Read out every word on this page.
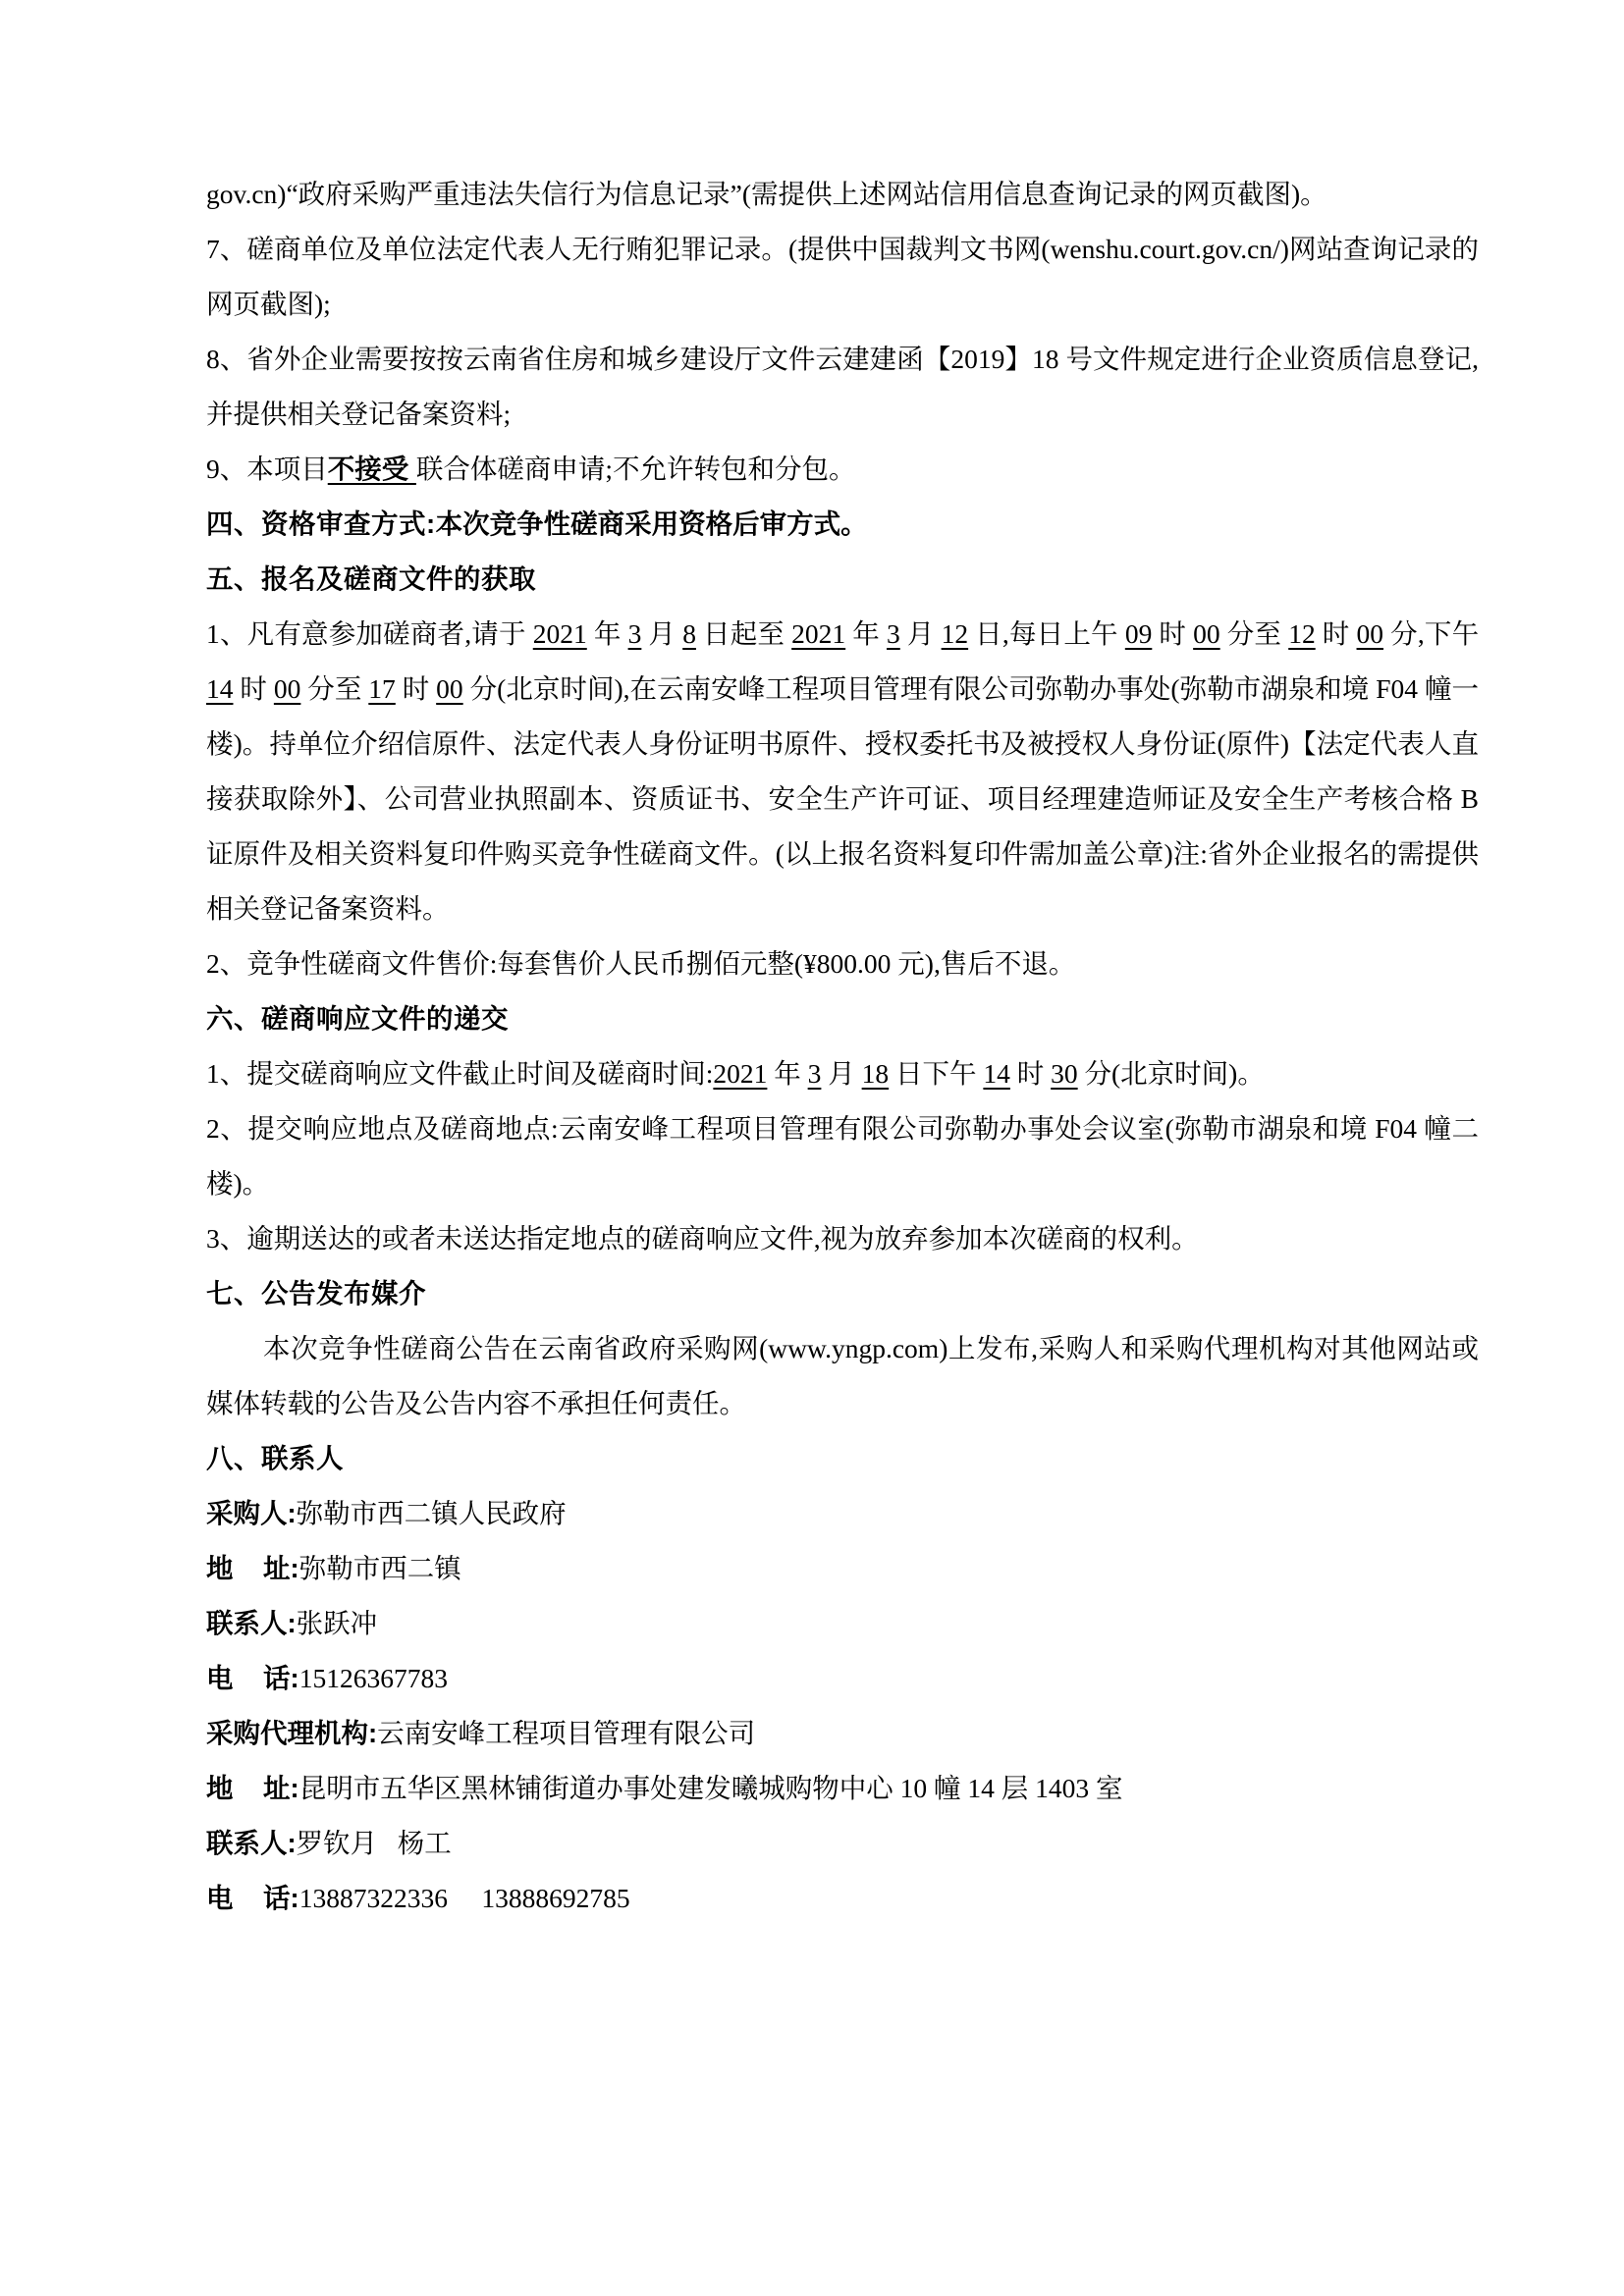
gov.cn)“政府采购严重违法失信行为信息记录”(需提供上述网站信用信息查询记录的网页截图)。

7、磋商单位及单位法定代表人无行贿犯罪记录。(提供中国裁判文书网(wenshu.court.gov.cn/)网站查询记录的网页截图);

8、省外企业需要按按云南省住房和城乡建设厅文件云建建函【2019】18 号文件规定进行企业资质信息登记,并提供相关登记备案资料;

9、本项目不接受 联合体磋商申请;不允许转包和分包。

四、资格审查方式:本次竞争性磋商采用资格后审方式。

五、报名及磋商文件的获取

1、凡有意参加磋商者,请于 2021 年 3 月 8 日起至 2021 年 3 月 12 日,每日上午 09 时 00 分至 12 时 00 分,下午 14 时 00 分至 17 时 00 分(北京时间),在云南安峰工程项目管理有限公司弥勒办事处(弥勒市湖泉和境 F04 幢一楼)。持单位介绍信原件、法定代表人身份证明书原件、授权委托书及被授权人身份证(原件)【法定代表人直接获取除外】、公司营业执照副本、资质证书、安全生产许可证、项目经理建造师证及安全生产考核合格 B 证原件及相关资料复印件购买竞争性磋商文件。(以上报名资料复印件需加盖公章)注:省外企业报名的需提供相关登记备案资料。

2、竞争性磋商文件售价:每套售价人民币捌佰元整(¥800.00 元),售后不退。

六、磋商响应文件的递交

1、提交磋商响应文件截止时间及磋商时间:2021 年 3 月 18 日下午 14 时 30 分(北京时间)。

2、提交响应地点及磋商地点:云南安峰工程项目管理有限公司弥勒办事处会议室(弥勒市湖泉和境 F04 幢二楼)。

3、逾期送达的或者未送达指定地点的磋商响应文件,视为放弃参加本次磋商的权利。

七、公告发布媒介

本次竞争性磋商公告在云南省政府采购网(www.yngp.com)上发布,采购人和采购代理机构对其他网站或媒体转载的公告及公告内容不承担任何责任。

八、联系人

采购人:弥勒市西二镇人民政府

地    址:弥勒市西二镇

联系人:张跃冲

电    话:15126367783

采购代理机构:云南安峰工程项目管理有限公司

地    址:昆明市五华区黑林铺街道办事处建发曦城购物中心 10 幢 14 层 1403 室

联系人:罗钦月   杨工

电    话:13887322336     13888692785
